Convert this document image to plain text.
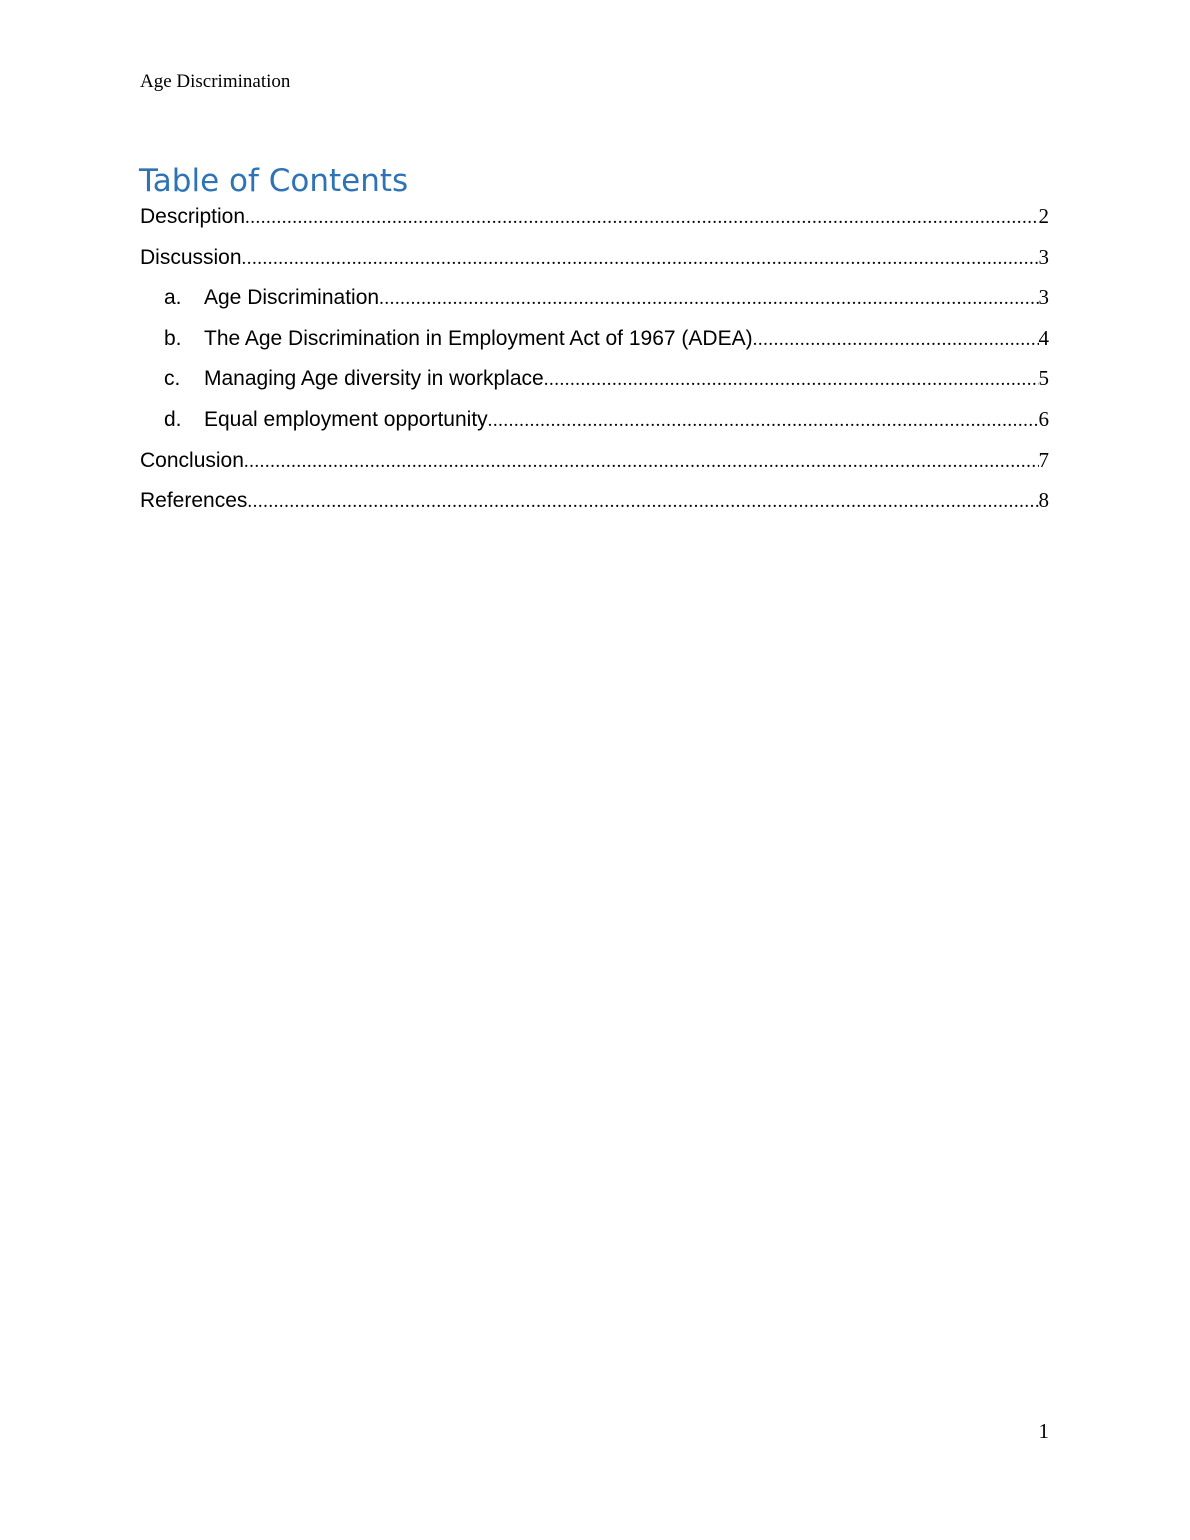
Age Discrimination
Table of Contents
Description .....	2
Discussion .....	3
a.	Age Discrimination .....	3
b.	The Age Discrimination in Employment Act of 1967 (ADEA) .....	4
c.	Managing Age diversity in workplace .....	5
d.	Equal employment opportunity .....	6
Conclusion .....	7
References .....	8
1
